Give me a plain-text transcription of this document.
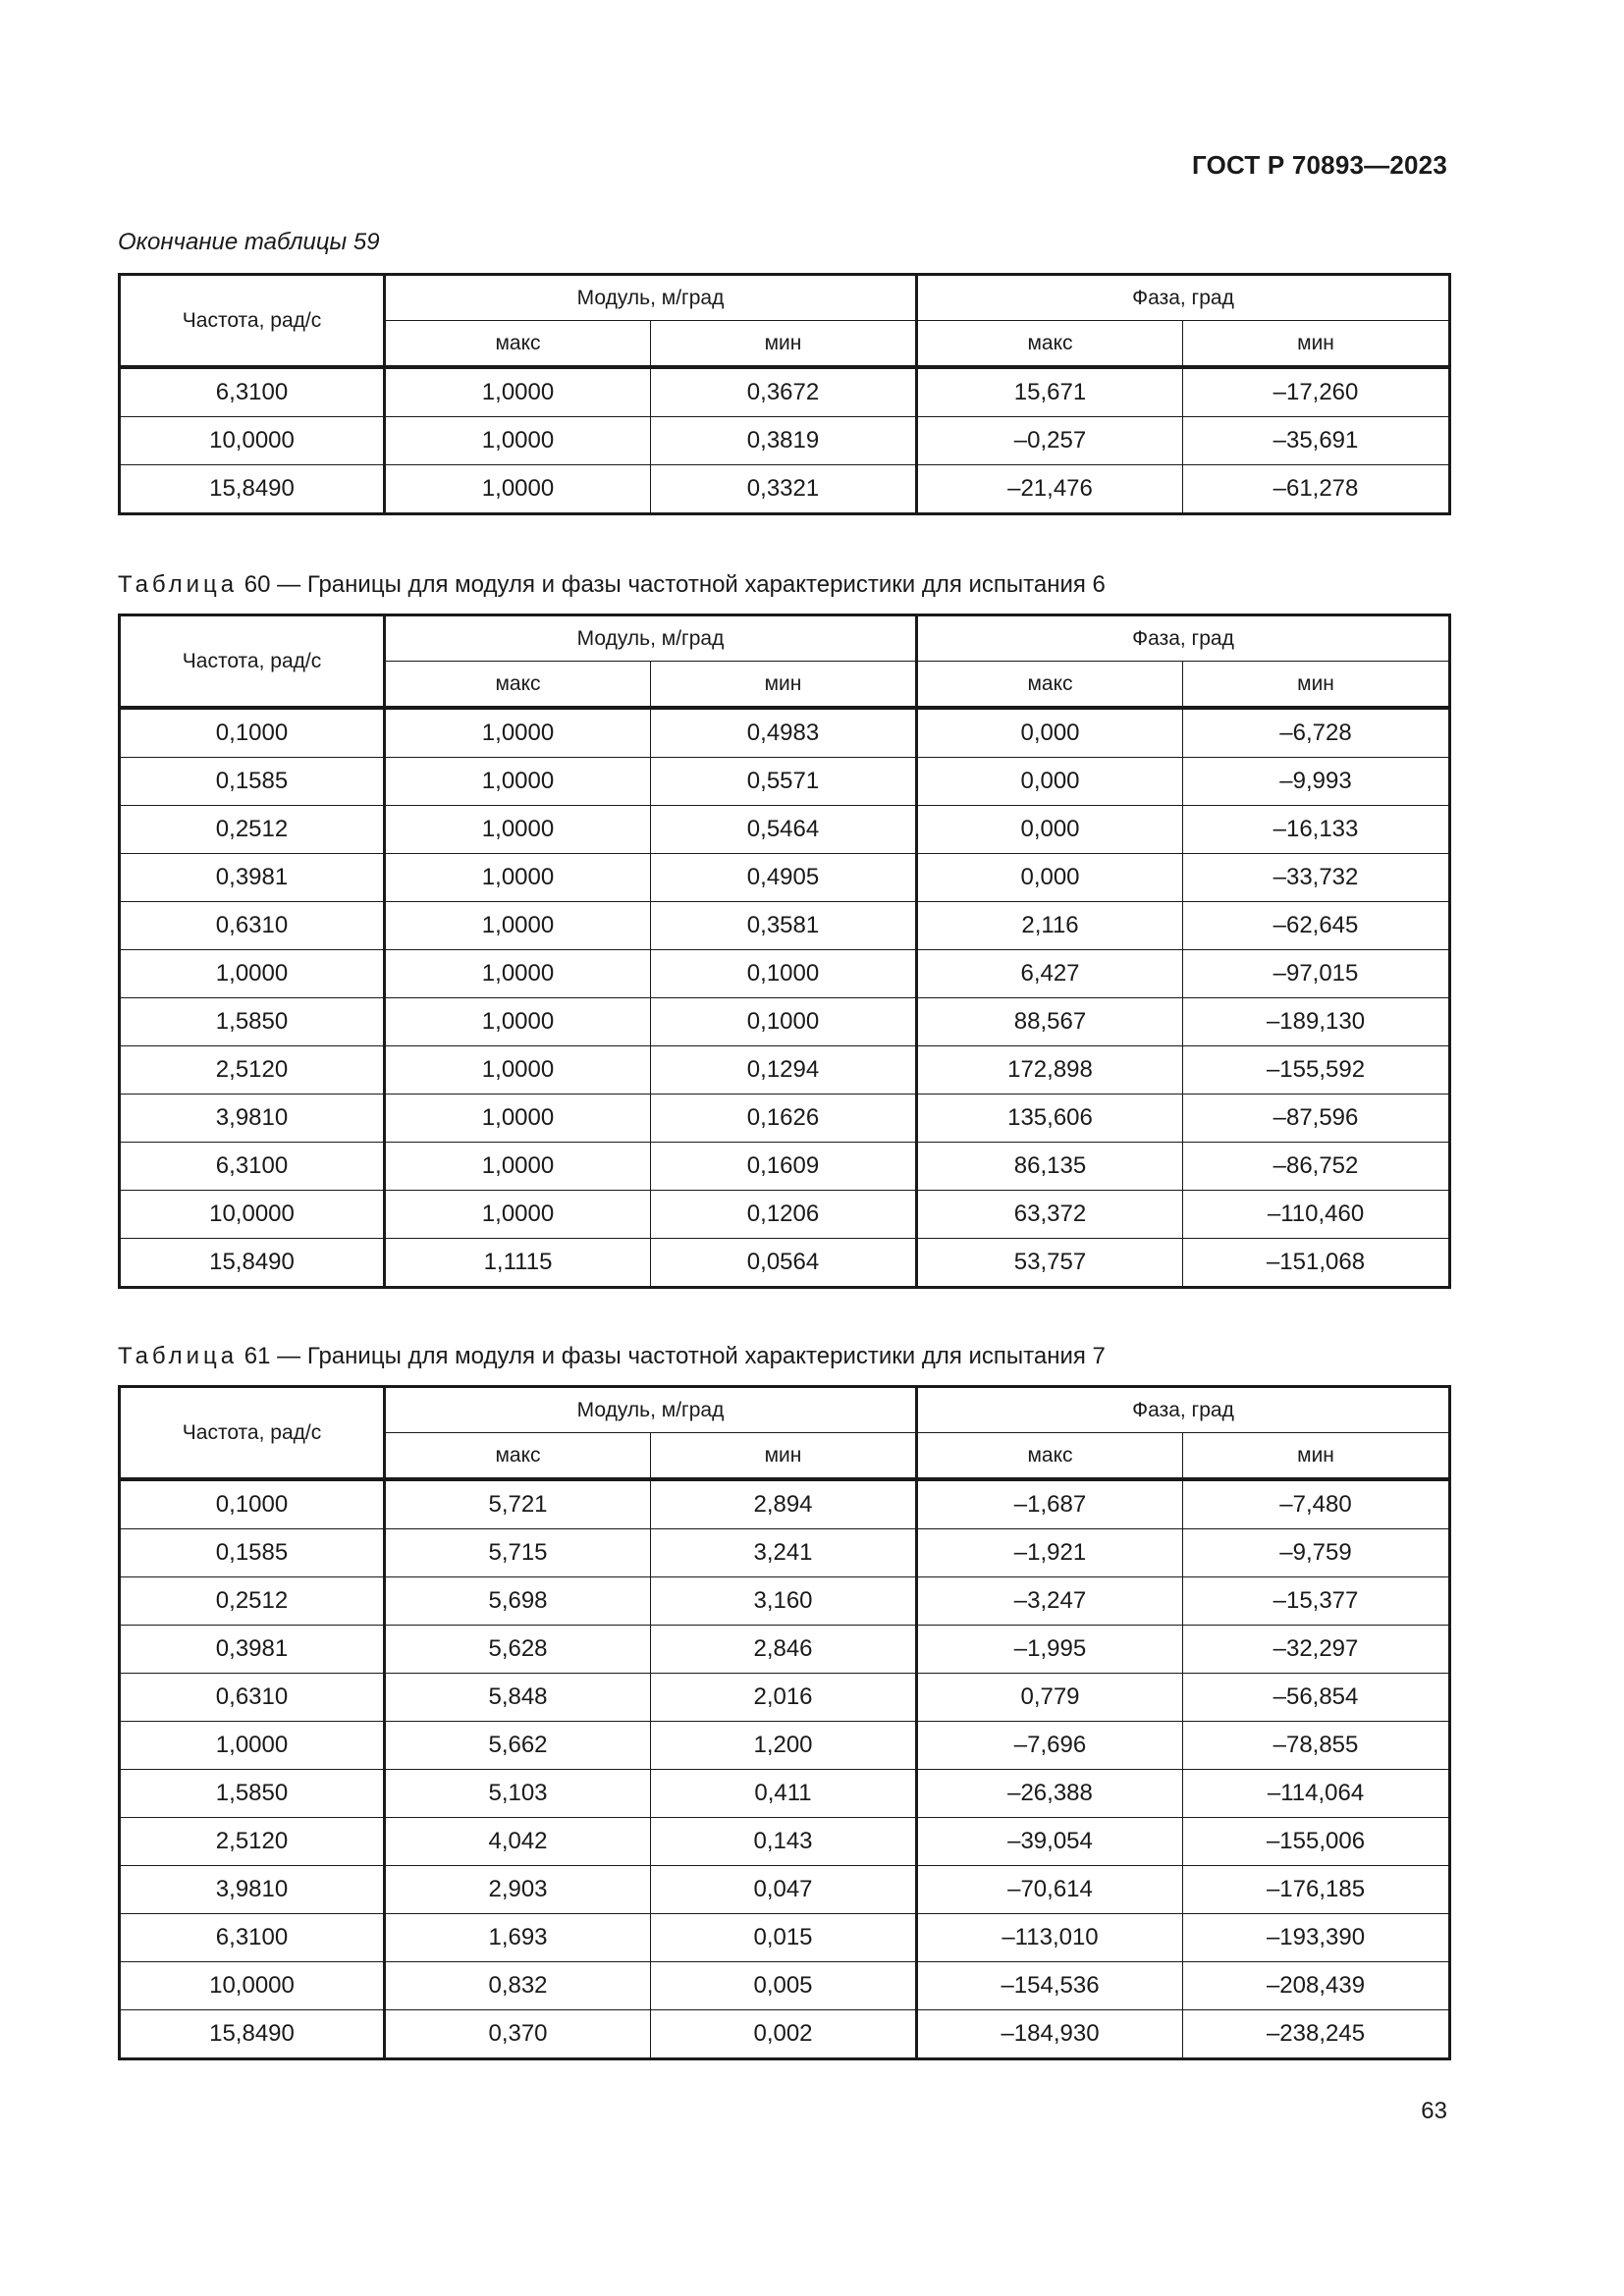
ГОСТ Р 70893—2023
Окончание таблицы 59
Частота, рад/с	Модуль, м/град		Фаза, град	
	макс	мин	макс	мин
6,3100	1,0000	0,3672	15,671	–17,260
10,0000	1,0000	0,3819	–0,257	–35,691
15,8490	1,0000	0,3321	–21,476	–61,278
Таблица 60 — Границы для модуля и фазы частотной характеристики для испытания 6
Частота, рад/с	Модуль, м/град		Фаза, град	
	макс	мин	макс	мин
0,1000	1,0000	0,4983	0,000	–6,728
0,1585	1,0000	0,5571	0,000	–9,993
0,2512	1,0000	0,5464	0,000	–16,133
0,3981	1,0000	0,4905	0,000	–33,732
0,6310	1,0000	0,3581	2,116	–62,645
1,0000	1,0000	0,1000	6,427	–97,015
1,5850	1,0000	0,1000	88,567	–189,130
2,5120	1,0000	0,1294	172,898	–155,592
3,9810	1,0000	0,1626	135,606	–87,596
6,3100	1,0000	0,1609	86,135	–86,752
10,0000	1,0000	0,1206	63,372	–110,460
15,8490	1,1115	0,0564	53,757	–151,068
Таблица 61 — Границы для модуля и фазы частотной характеристики для испытания 7
Частота, рад/с	Модуль, м/град		Фаза, град	
	макс	мин	макс	мин
0,1000	5,721	2,894	–1,687	–7,480
0,1585	5,715	3,241	–1,921	–9,759
0,2512	5,698	3,160	–3,247	–15,377
0,3981	5,628	2,846	–1,995	–32,297
0,6310	5,848	2,016	0,779	–56,854
1,0000	5,662	1,200	–7,696	–78,855
1,5850	5,103	0,411	–26,388	–114,064
2,5120	4,042	0,143	–39,054	–155,006
3,9810	2,903	0,047	–70,614	–176,185
6,3100	1,693	0,015	–113,010	–193,390
10,0000	0,832	0,005	–154,536	–208,439
15,8490	0,370	0,002	–184,930	–238,245
63
